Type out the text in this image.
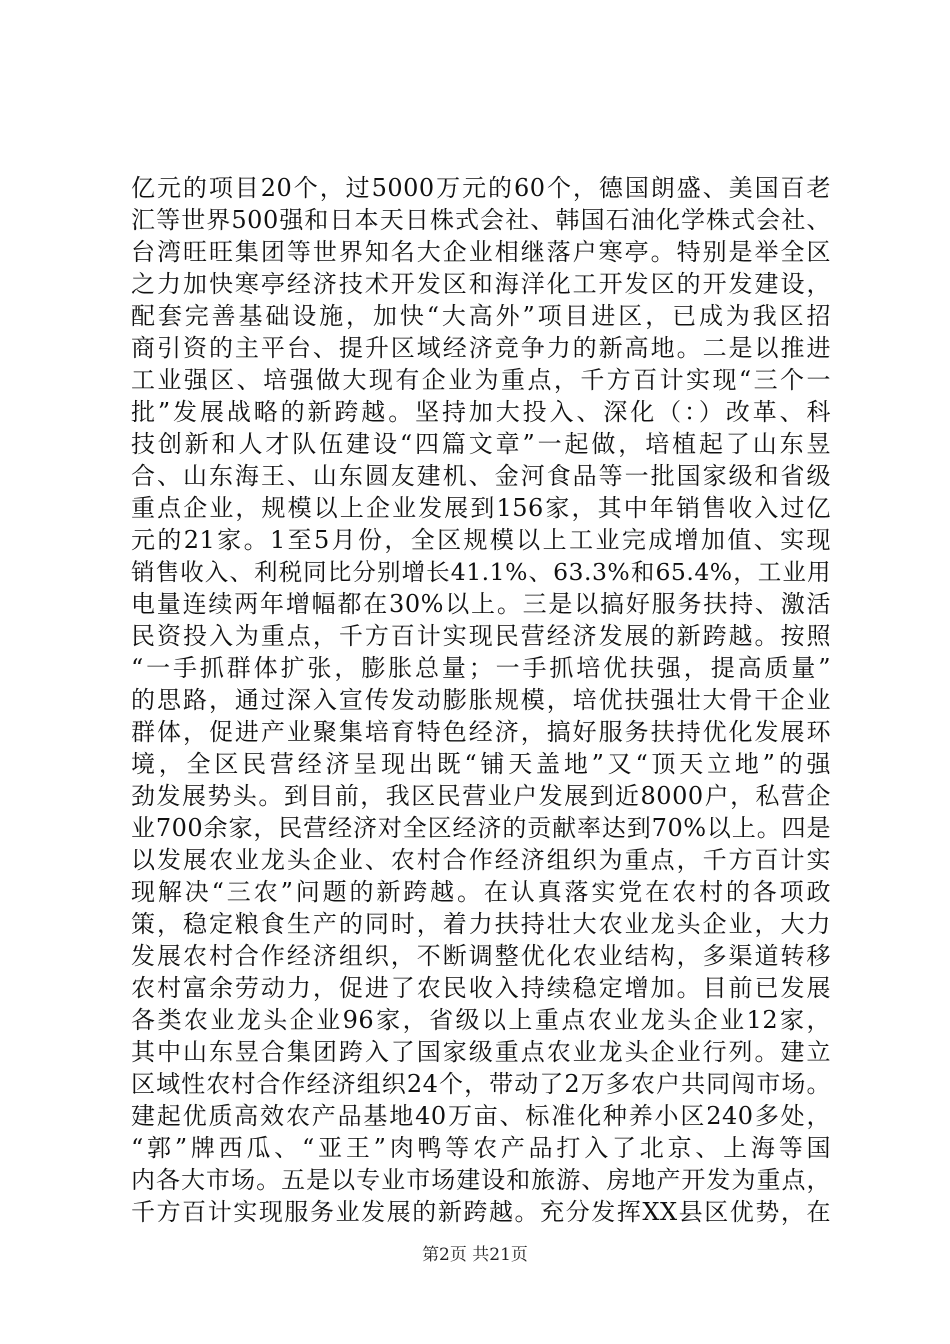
亿元的项目20个，过5000万元的60个，德国朗盛、美国百老
汇等世界500强和日本天日株式会社、韩国石油化学株式会社、
台湾旺旺集团等世界知名大企业相继落户寒亭。特别是举全区
之力加快寒亭经济技术开发区和海洋化工开发区的开发建设，
配套完善基础设施，加快“大高外”项目进区，已成为我区招
商引资的主平台、提升区域经济竞争力的新高地。二是以推进
工业强区、培强做大现有企业为重点，千方百计实现“三个一
批”发展战略的新跨越。坚持加大投入、深化（：）改革、科
技创新和人才队伍建设“四篇文章”一起做，培植起了山东昱
合、山东海王、山东圆友建机、金河食品等一批国家级和省级
重点企业，规模以上企业发展到156家，其中年销售收入过亿
元的21家。1至5月份，全区规模以上工业完成增加值、实现
销售收入、利税同比分别增长41.1%、63.3%和65.4%，工业用
电量连续两年增幅都在30%以上。三是以搞好服务扶持、激活
民资投入为重点，千方百计实现民营经济发展的新跨越。按照
“一手抓群体扩张，膨胀总量；一手抓培优扶强，提高质量”
的思路，通过深入宣传发动膨胀规模，培优扶强壮大骨干企业
群体，促进产业聚集培育特色经济，搞好服务扶持优化发展环
境，全区民营经济呈现出既“铺天盖地”又“顶天立地”的强
劲发展势头。到目前，我区民营业户发展到近8000户，私营企
业700余家，民营经济对全区经济的贡献率达到70%以上。四是
以发展农业龙头企业、农村合作经济组织为重点，千方百计实
现解决“三农”问题的新跨越。在认真落实党在农村的各项政
策，稳定粮食生产的同时，着力扶持壮大农业龙头企业，大力
发展农村合作经济组织，不断调整优化农业结构，多渠道转移
农村富余劳动力，促进了农民收入持续稳定增加。目前已发展
各类农业龙头企业96家，省级以上重点农业龙头企业12家，
其中山东昱合集团跨入了国家级重点农业龙头企业行列。建立
区域性农村合作经济组织24个，带动了2万多农户共同闯市场。
建起优质高效农产品基地40万亩、标准化种养小区240多处，
“郭”牌西瓜、“亚王”肉鸭等农产品打入了北京、上海等国
内各大市场。五是以专业市场建设和旅游、房地产开发为重点，
千方百计实现服务业发展的新跨越。充分发挥XX县区优势，在
第2页 共21页
